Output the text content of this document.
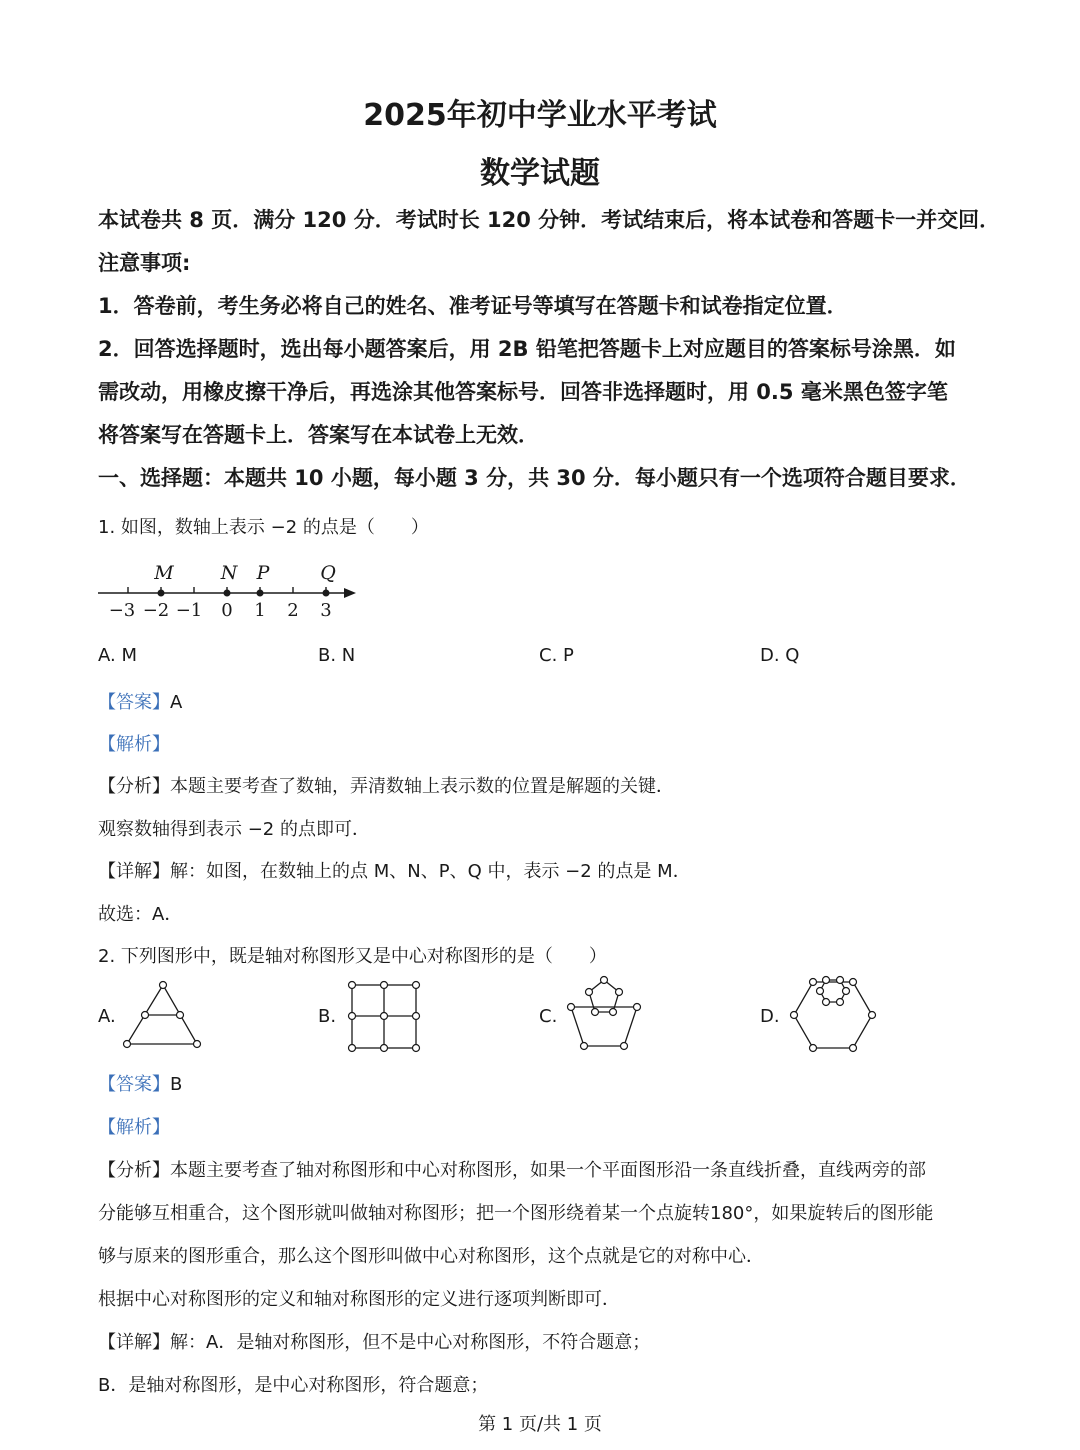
2025年初中学业水平考试
数学试题
本试卷共 8 页．满分 120 分．考试时长 120 分钟．考试结束后，将本试卷和答题卡一并交回．
注意事项:
1．答卷前，考生务必将自己的姓名、准考证号等填写在答题卡和试卷指定位置．
2．回答选择题时，选出每小题答案后，用 2B 铅笔把答题卡上对应题目的答案标号涂黑．如
需改动，用橡皮擦干净后，再选涂其他答案标号．回答非选择题时，用 0.5 毫米黑色签字笔
将答案写在答题卡上．答案写在本试卷上无效．
一、选择题：本题共 10 小题，每小题 3 分，共 30 分．每小题只有一个选项符合题目要求．
1. 如图，数轴上表示 −2 的点是（　　）
M N P	Q
−3 −2 −1 0 1 2 3
A. M	B. N	C. P	D. Q
【答案】A
【解析】
【分析】本题主要考查了数轴，弄清数轴上表示数的位置是解题的关键．
观察数轴得到表示 −2 的点即可．
【详解】解：如图，在数轴上的点 M、N、P、Q 中，表示 −2 的点是 M．
故选：A．
2. 下列图形中，既是轴对称图形又是中心对称图形的是（　　）
A.	B.	C.	D.
【答案】B
【解析】
【分析】本题主要考查了轴对称图形和中心对称图形，如果一个平面图形沿一条直线折叠，直线两旁的部
分能够互相重合，这个图形就叫做轴对称图形；把一个图形绕着某一个点旋转180°，如果旋转后的图形能
够与原来的图形重合，那么这个图形叫做中心对称图形，这个点就是它的对称中心．
根据中心对称图形的定义和轴对称图形的定义进行逐项判断即可．
【详解】解：A．是轴对称图形，但不是中心对称图形，不符合题意；
B．是轴对称图形，是中心对称图形，符合题意；
第 1 页/共 1 页
